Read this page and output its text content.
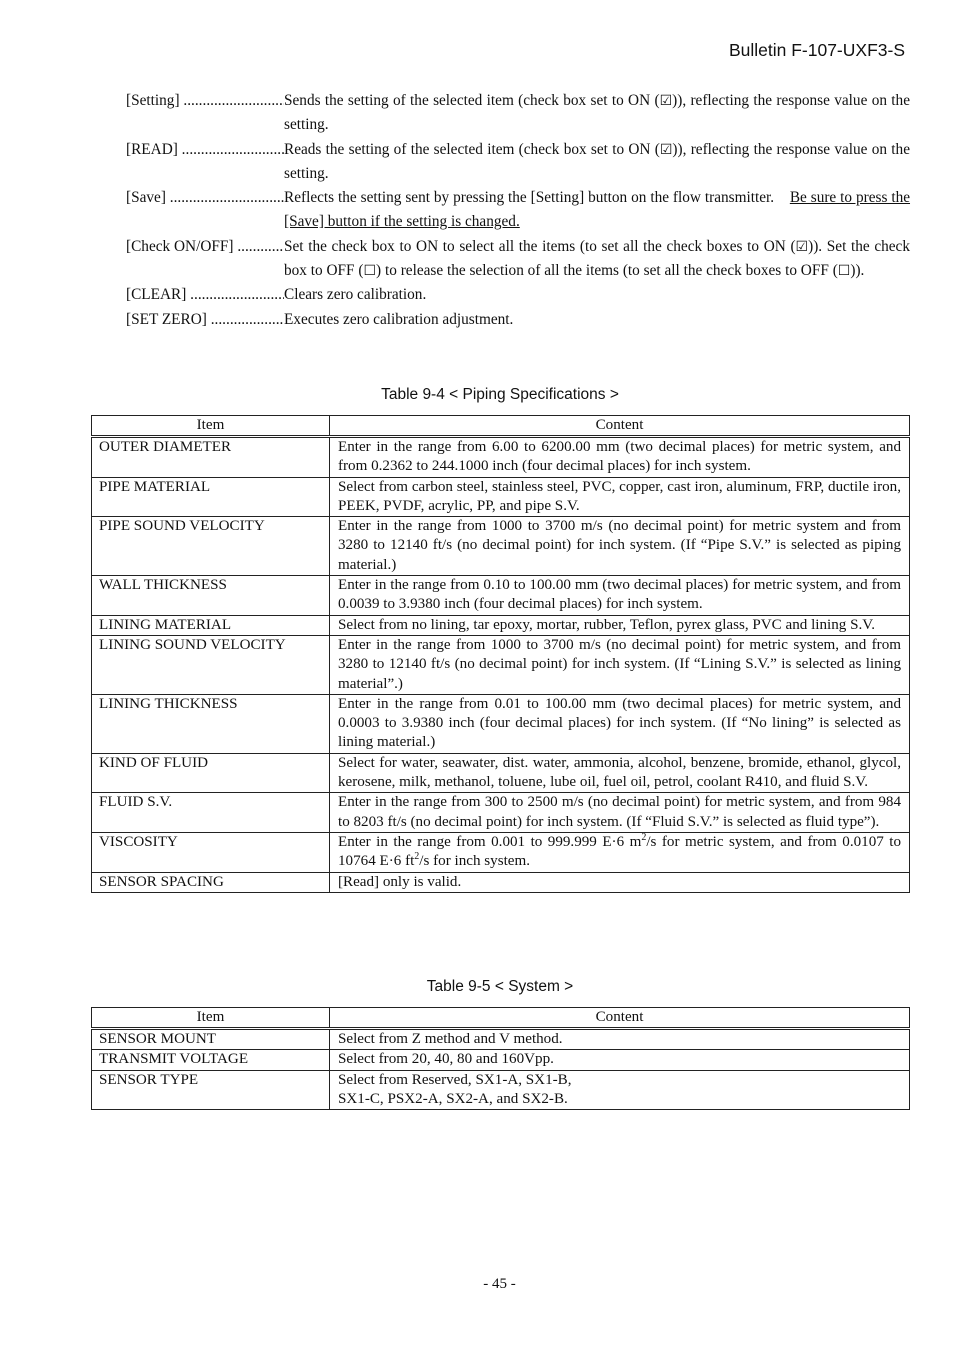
Bulletin F-107-UXF3-S
[Setting] .....	Sends the setting of the selected item (check box set to ON (☑)), reflecting the response value on the setting.
[READ] .....	Reads the setting of the selected item (check box set to ON (☑)), reflecting the response value on the setting.
[Save] .....	Reflects the setting sent by pressing the [Setting] button on the flow transmitter. Be sure to press the [Save] button if the setting is changed.
[Check ON/OFF] .....	Set the check box to ON to select all the items (to set all the check boxes to ON (☑)). Set the check box to OFF (☐) to release the selection of all the items (to set all the check boxes to OFF (☐)).
[CLEAR] .....	Clears zero calibration.
[SET ZERO] .....	Executes zero calibration adjustment.
Table 9-4 < Piping Specifications >
Item	Content
OUTER DIAMETER	Enter in the range from 6.00 to 6200.00 mm (two decimal places) for metric system, and from 0.2362 to 244.1000 inch (four decimal places) for inch system.
PIPE MATERIAL	Select from carbon steel, stainless steel, PVC, copper, cast iron, aluminum, FRP, ductile iron, PEEK, PVDF, acrylic, PP, and pipe S.V.
PIPE SOUND VELOCITY	Enter in the range from 1000 to 3700 m/s (no decimal point) for metric system and from 3280 to 12140 ft/s (no decimal point) for inch system. (If “Pipe S.V.” is selected as piping material.)
WALL THICKNESS	Enter in the range from 0.10 to 100.00 mm (two decimal places) for metric system, and from 0.0039 to 3.9380 inch (four decimal places) for inch system.
LINING MATERIAL	Select from no lining, tar epoxy, mortar, rubber, Teflon, pyrex glass, PVC and lining S.V.
LINING SOUND VELOCITY	Enter in the range from 1000 to 3700 m/s (no decimal point) for metric system, and from 3280 to 12140 ft/s (no decimal point) for inch system. (If “Lining S.V.” is selected as lining material”.)
LINING THICKNESS	Enter in the range from 0.01 to 100.00 mm (two decimal places) for metric system, and 0.0003 to 3.9380 inch (four decimal places) for inch system. (If “No lining” is selected as lining material.)
KIND OF FLUID	Select for water, seawater, dist. water, ammonia, alcohol, benzene, bromide, ethanol, glycol, kerosene, milk, methanol, toluene, lube oil, fuel oil, petrol, coolant R410, and fluid S.V.
FLUID S.V.	Enter in the range from 300 to 2500 m/s (no decimal point) for metric system, and from 984 to 8203 ft/s (no decimal point) for inch system. (If “Fluid S.V.” is selected as fluid type”).
VISCOSITY	Enter in the range from 0.001 to 999.999 E·6 $m^2/s$ for metric system, and from 0.0107 to 10764 E·6 $ft^2/s$ for inch system.
SENSOR SPACING	[Read] only is valid.
Table 9-5 < System >
Item	Content
SENSOR MOUNT	Select from Z method and V method.
TRANSMIT VOLTAGE	Select from 20, 40, 80 and 160Vpp.
SENSOR TYPE	Select from Reserved, SX1-A, SX1-B,
SX1-C, PSX2-A, SX2-A, and SX2-B.
- 45 -
